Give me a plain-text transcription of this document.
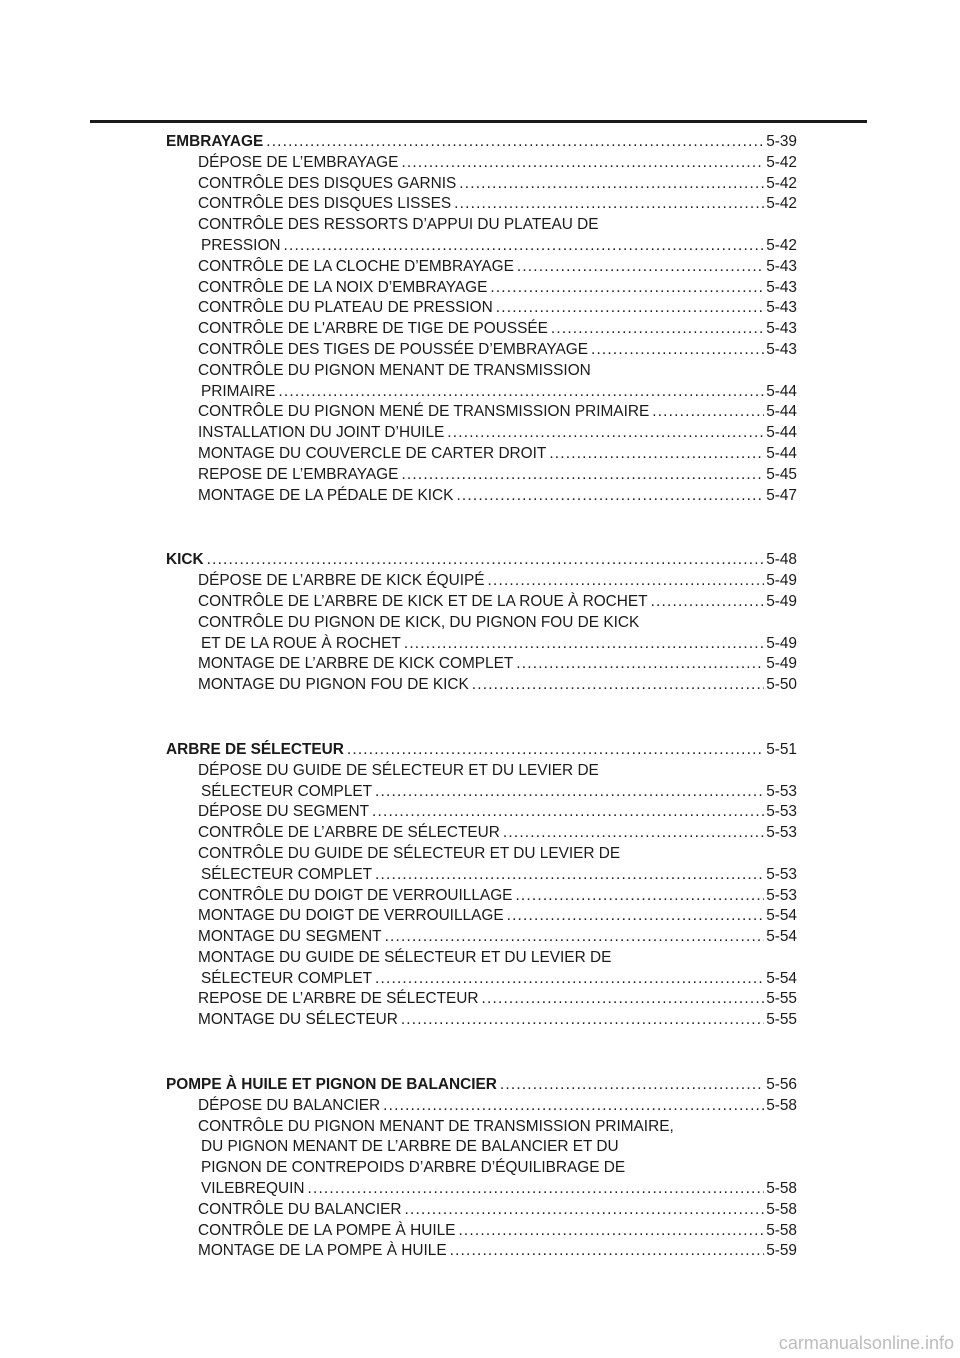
EMBRAYAGE .....	5-39
DÉPOSE DE L’EMBRAYAGE .....	5-42
CONTRÔLE DES DISQUES GARNIS .....	5-42
CONTRÔLE DES DISQUES LISSES .....	5-42
CONTRÔLE DES RESSORTS D’APPUI DU PLATEAU DE
PRESSION .....	5-42
CONTRÔLE DE LA CLOCHE D’EMBRAYAGE .....	5-43
CONTRÔLE DE LA NOIX D’EMBRAYAGE .....	5-43
CONTRÔLE DU PLATEAU DE PRESSION .....	5-43
CONTRÔLE DE L'ARBRE DE TIGE DE POUSSÉE .....	5-43
CONTRÔLE DES TIGES DE POUSSÉE D’EMBRAYAGE .....	5-43
CONTRÔLE DU PIGNON MENANT DE TRANSMISSION
PRIMAIRE .....	5-44
CONTRÔLE DU PIGNON MENÉ DE TRANSMISSION PRIMAIRE .....	5-44
INSTALLATION DU JOINT D’HUILE .....	5-44
MONTAGE DU COUVERCLE DE CARTER DROIT .....	5-44
REPOSE DE L’EMBRAYAGE .....	5-45
MONTAGE DE LA PÉDALE DE KICK .....	5-47
KICK .....	5-48
DÉPOSE DE L’ARBRE DE KICK ÉQUIPÉ .....	5-49
CONTRÔLE DE L’ARBRE DE KICK ET DE LA ROUE À ROCHET .....	5-49
CONTRÔLE DU PIGNON DE KICK, DU PIGNON FOU DE KICK
ET DE LA ROUE À ROCHET .....	5-49
MONTAGE DE L’ARBRE DE KICK COMPLET .....	5-49
MONTAGE DU PIGNON FOU DE KICK .....	5-50
ARBRE DE SÉLECTEUR .....	5-51
DÉPOSE DU GUIDE DE SÉLECTEUR ET DU LEVIER DE
SÉLECTEUR COMPLET .....	5-53
DÉPOSE DU SEGMENT .....	5-53
CONTRÔLE DE L’ARBRE DE SÉLECTEUR .....	5-53
CONTRÔLE DU GUIDE DE SÉLECTEUR ET DU LEVIER DE
SÉLECTEUR COMPLET .....	5-53
CONTRÔLE DU DOIGT DE VERROUILLAGE .....	5-53
MONTAGE DU DOIGT DE VERROUILLAGE .....	5-54
MONTAGE DU SEGMENT .....	5-54
MONTAGE DU GUIDE DE SÉLECTEUR ET DU LEVIER DE
SÉLECTEUR COMPLET .....	5-54
REPOSE DE L’ARBRE DE SÉLECTEUR .....	5-55
MONTAGE DU SÉLECTEUR .....	5-55
POMPE À HUILE ET PIGNON DE BALANCIER .....	5-56
DÉPOSE DU BALANCIER .....	5-58
CONTRÔLE DU PIGNON MENANT DE TRANSMISSION PRIMAIRE,
DU PIGNON MENANT DE L’ARBRE DE BALANCIER ET DU
PIGNON DE CONTREPOIDS D’ARBRE D’ÉQUILIBRAGE DE
VILEBREQUIN .....	5-58
CONTRÔLE DU BALANCIER .....	5-58
CONTRÔLE DE LA POMPE À HUILE .....	5-58
MONTAGE DE LA POMPE À HUILE .....	5-59
carmanualsonline.info
